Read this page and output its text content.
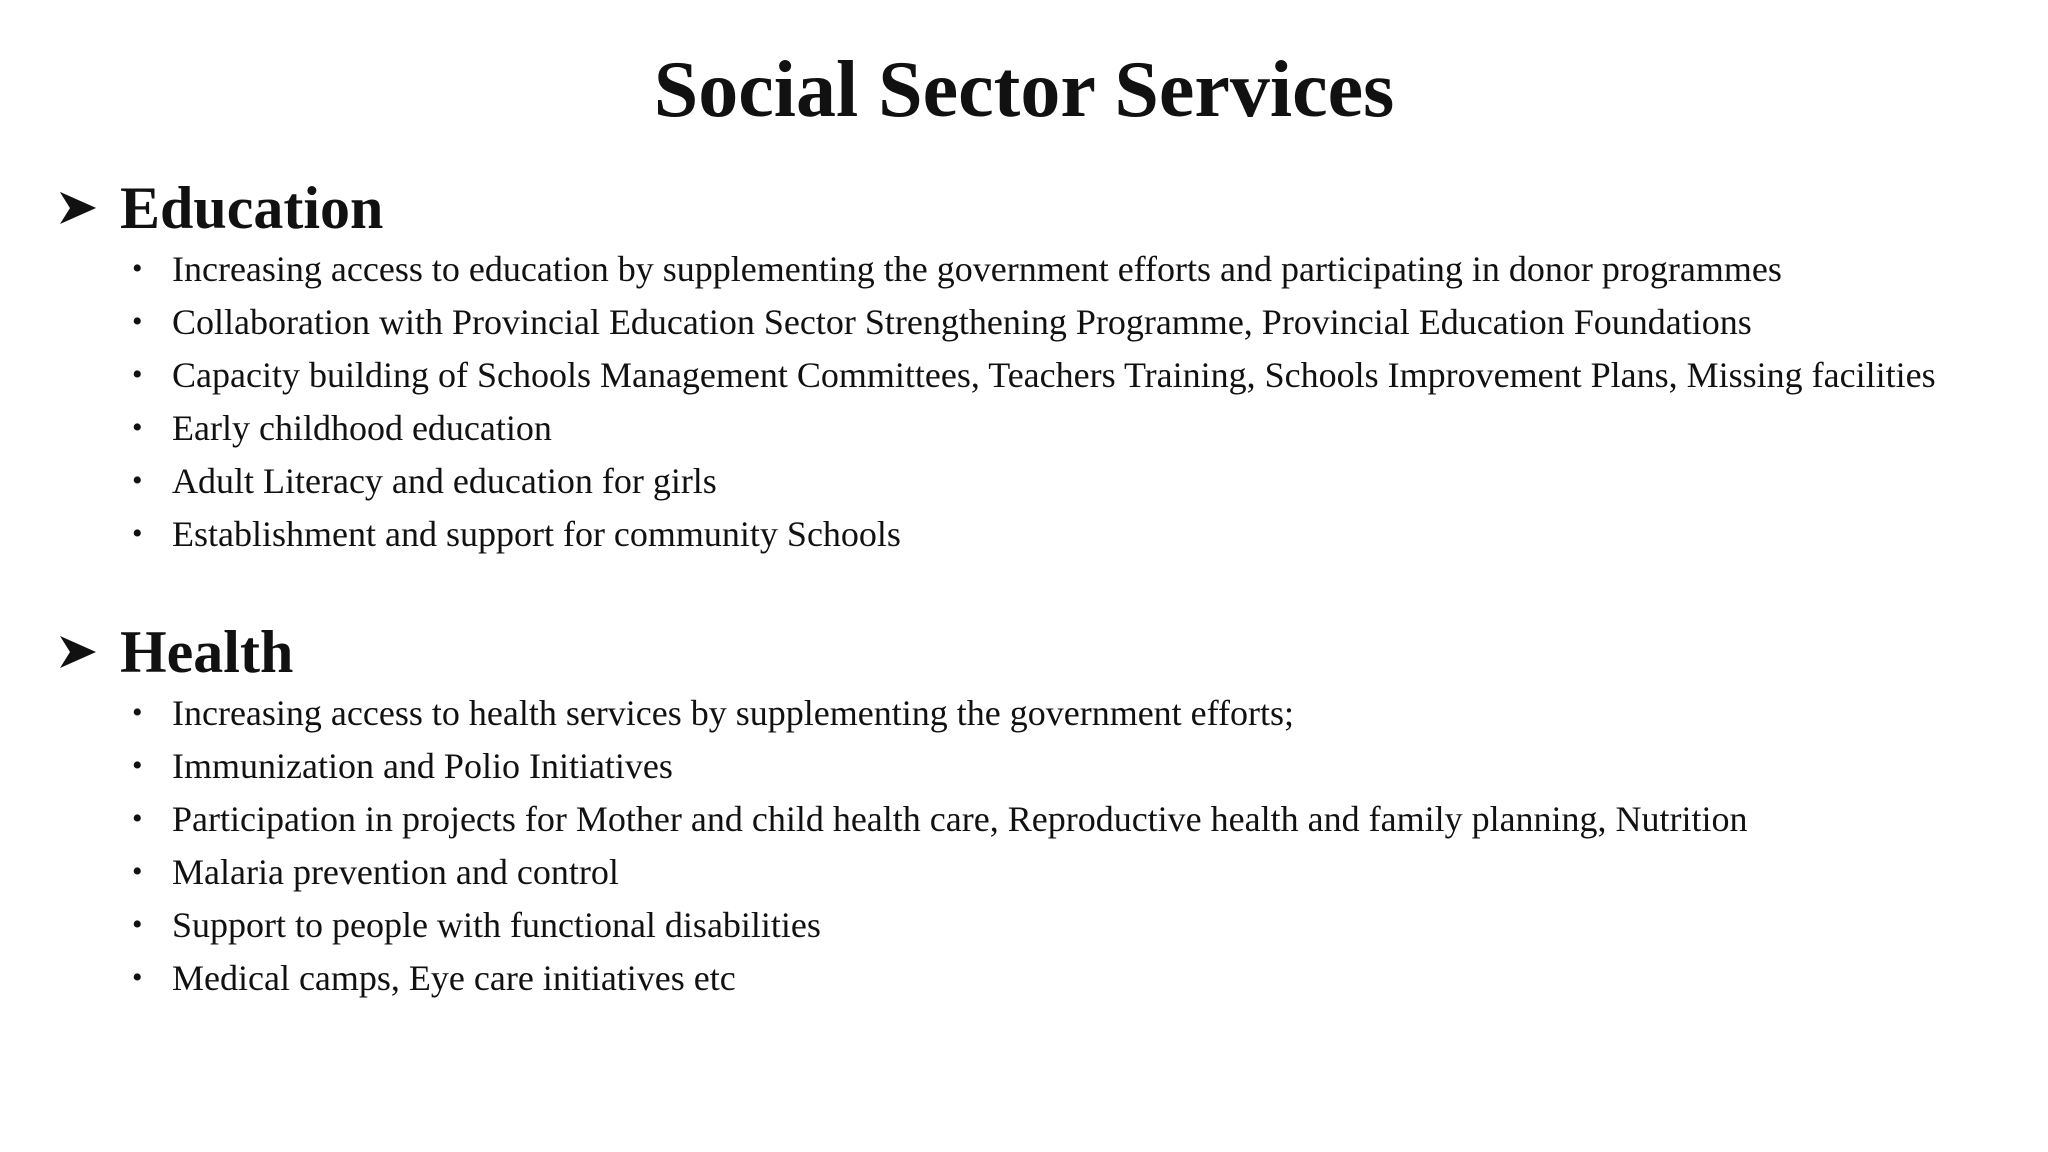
Social Sector Services
Education
• Increasing access to education by supplementing the government efforts and participating in donor programmes
• Collaboration with Provincial Education Sector Strengthening Programme, Provincial Education Foundations
• Capacity building of Schools Management Committees, Teachers Training, Schools Improvement Plans, Missing facilities
• Early childhood education
• Adult Literacy and education for girls
• Establishment and support for community Schools
Health
• Increasing access to health services by supplementing the government efforts;
• Immunization and Polio Initiatives
• Participation in projects for Mother and child health care, Reproductive health and family planning, Nutrition
• Malaria prevention and control
• Support to people with functional disabilities
• Medical camps, Eye care initiatives etc
